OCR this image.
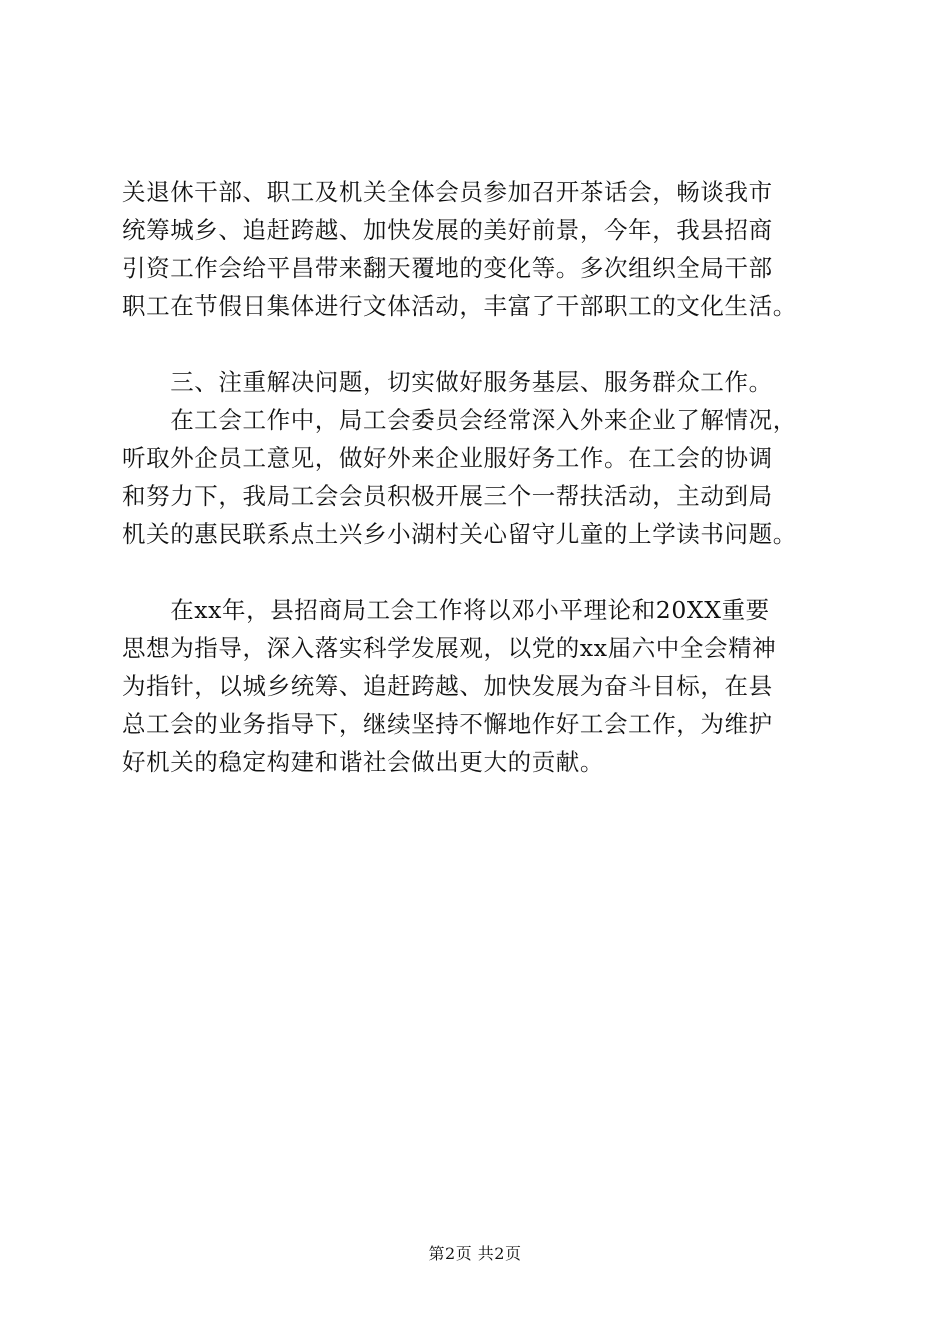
关退休干部、职工及机关全体会员参加召开茶话会，畅谈我市
统筹城乡、追赶跨越、加快发展的美好前景，今年，我县招商
引资工作会给平昌带来翻天覆地的变化等。多次组织全局干部
职工在节假日集体进行文体活动，丰富了干部职工的文化生活。
　　三、注重解决问题，切实做好服务基层、服务群众工作。
　　在工会工作中，局工会委员会经常深入外来企业了解情况，
听取外企员工意见，做好外来企业服好务工作。在工会的协调
和努力下，我局工会会员积极开展三个一帮扶活动，主动到局
机关的惠民联系点土兴乡小湖村关心留守儿童的上学读书问题。
　　在xx年，县招商局工会工作将以邓小平理论和20XX重要
思想为指导，深入落实科学发展观，以党的xx届六中全会精神
为指针，以城乡统筹、追赶跨越、加快发展为奋斗目标，在县
总工会的业务指导下，继续坚持不懈地作好工会工作，为维护
好机关的稳定构建和谐社会做出更大的贡献。
第2页 共2页
